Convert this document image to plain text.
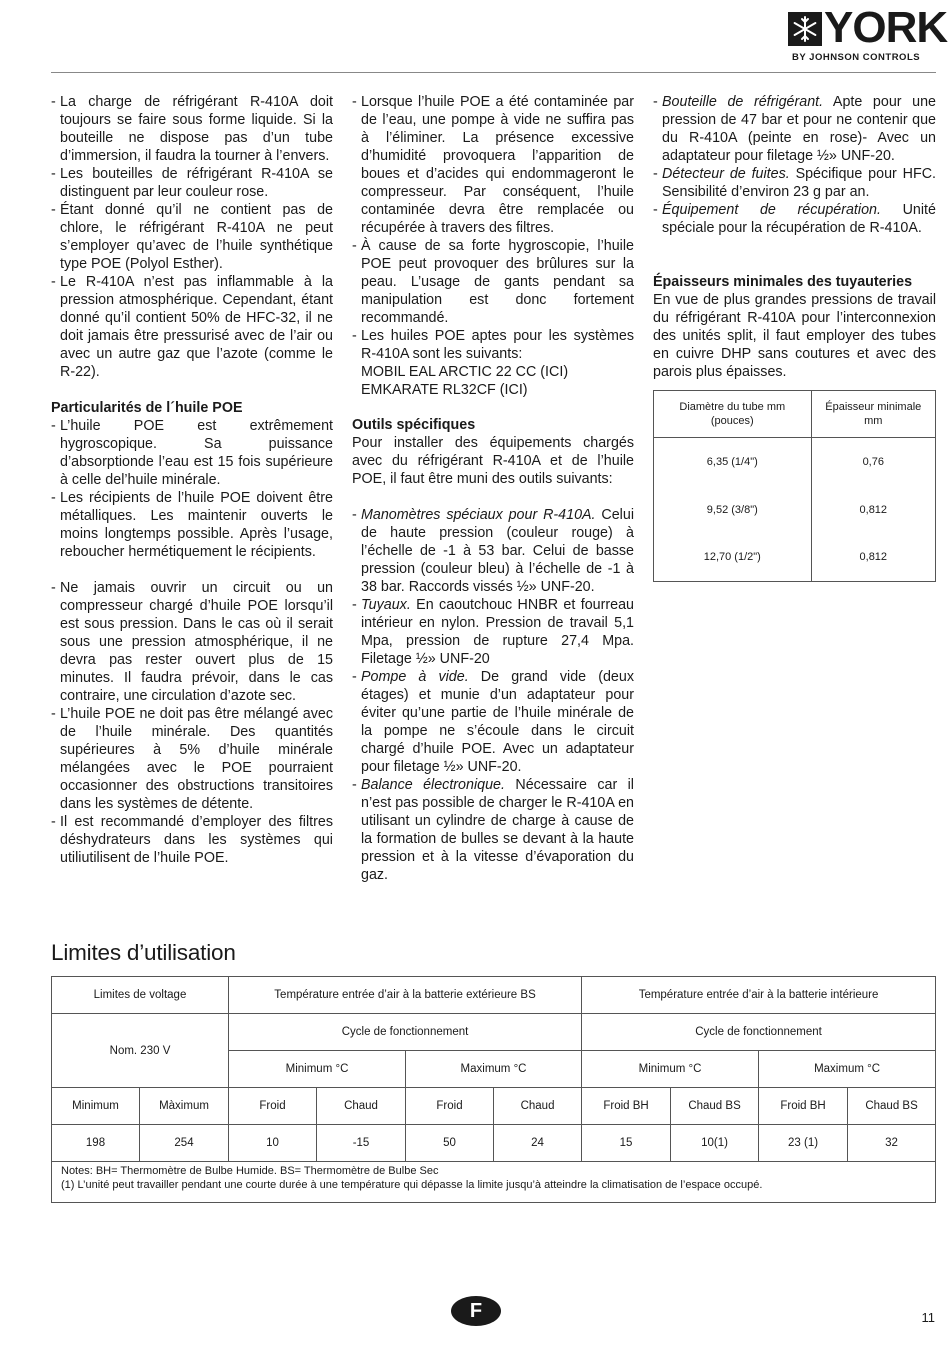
YORK
BY JOHNSON CONTROLS
- La charge de réfrigérant R-410A doit toujours se faire sous forme liquide. Si la bouteille ne dispose pas d’un tube d’immersion, il faudra la tourner à l’envers.
- Les bouteilles de réfrigérant R-410A se distinguent par leur couleur rose.
- Étant donné qu’il ne contient pas de chlore, le réfrigérant R-410A ne peut s’employer qu’avec de l’huile synthétique type POE (Polyol Esther).
- Le R-410A n’est pas inflammable à la pression atmosphérique. Cependant, étant donné qu’il contient 50% de HFC-32, il ne doit jamais être pressurisé avec de l’air ou avec un autre gaz que l’azote (comme le R-22).
Particularités de l´huile POE
- L’huile POE est extrêmement hygroscopique. Sa puissance d’absorptionde l’eau est 15 fois supérieure à celle del’huile minérale.
- Les récipients de l’huile POE doivent être métalliques. Les maintenir ouverts le moins longtemps possible. Après l’usage, reboucher hermétiquement le récipients.
- Ne jamais ouvrir un circuit ou un compresseur chargé d’huile POE lorsqu’il est sous pression. Dans le cas où il serait sous une pression atmosphérique, il ne devra pas rester ouvert plus de 15 minutes. Il faudra prévoir, dans le cas contraire, une circulation d’azote sec.
- L’huile POE ne doit pas être mélangé avec de l’huile minérale. Des quantités supérieures à 5% d’huile minérale mélangées avec le POE pourraient occasionner des obstructions transitoires dans les systèmes de détente.
- Il est recommandé d’employer des filtres déshydrateurs dans les systèmes qui utiliutilisent de l’huile POE.
- Lorsque l’huile POE a été contaminée par de l’eau, une pompe à vide ne suffira pas à l’éliminer. La présence excessive d’humidité provoquera l’apparition de boues et d’acides qui endommageront le compresseur. Par conséquent, l’huile contaminée devra être remplacée ou récupérée à travers des filtres.
- À cause de sa forte hygroscopie, l’huile POE peut provoquer des brûlures sur la peau. L’usage de gants pendant sa manipulation est donc fortement recommandé.
- Les huiles POE aptes pour les systèmes R-410A sont les suivants:
MOBIL EAL ARCTIC 22 CC (ICI)
EMKARATE RL32CF (ICI)
Outils spécifiques

Pour installer des équipements chargés avec du réfrigérant R-410A et de l’huile POE, il faut être muni des outils suivants:

- Manomètres spéciaux pour R-410A. Celui de haute pression (couleur rouge) à l’échelle de -1 à 53 bar. Celui de basse pression (couleur bleu) à l’échelle de -1 à 38 bar. Raccords vissés ½» UNF-20.
- Tuyaux. En caoutchouc HNBR et fourreau intérieur en nylon. Pression de travail 5,1 Mpa, pression de rupture 27,4 Mpa. Filetage ½» UNF-20
- Pompe à vide. De grand vide (deux étages) et munie d’un adaptateur pour éviter qu’une partie de l’huile minérale de la pompe ne s’écoule dans le circuit chargé d’huile POE. Avec un adaptateur pour filetage ½» UNF-20.
- Balance électronique. Nécessaire car il n’est pas possible de charger le R-410A en utilisant un cylindre de charge à cause de la formation de bulles se devant à la haute pression et à la vitesse d’évaporation du gaz.
- Bouteille de réfrigérant. Apte pour une pression de 47 bar et pour ne contenir que du R-410A (peinte en rose)- Avec un adaptateur pour filetage ½» UNF-20.
- Détecteur de fuites. Spécifique pour HFC. Sensibilité d’environ 23 g par an.
- Équipement de récupération. Unité spéciale pour la récupération de R-410A.
Épaisseurs minimales des tuyauteries

En vue de plus grandes pressions de travail du réfrigérant R-410A pour l’interconnexion des unités split, il faut employer des tubes en cuivre DHP sans coutures et avec des parois plus épaisses.

Diamètre du tube mm (pouces)	Épaisseur minimale mm
6,35 (1/4")	0,76
9,52 (3/8")	0,812
12,70 (1/2")	0,812
Limites d’utilisation
Limites de voltage		Température entrée d’air à la batterie extérieure BS				Température entrée d’air à la batterie intérieure			
Nom. 230 V		Cycle de fonctionnement				Cycle de fonctionnement			
		Minimum °C		Maximum °C		Minimum °C		Maximum °C	
Minimum	Màximum	Froid	Chaud	Froid	Chaud	Froid BH	Chaud BS	Froid BH	Chaud BS
198	254	10	-15	50	24	15	10(1)	23 (1)	32

Notes: BH= Thermomètre de Bulbe Humide. BS= Thermomètre de Bulbe Sec
(1) L’unité peut travailler pendant une courte durée à une température qui dépasse la limite jusqu’à atteindre la climatisation de l’espace occupé.									
F	11
